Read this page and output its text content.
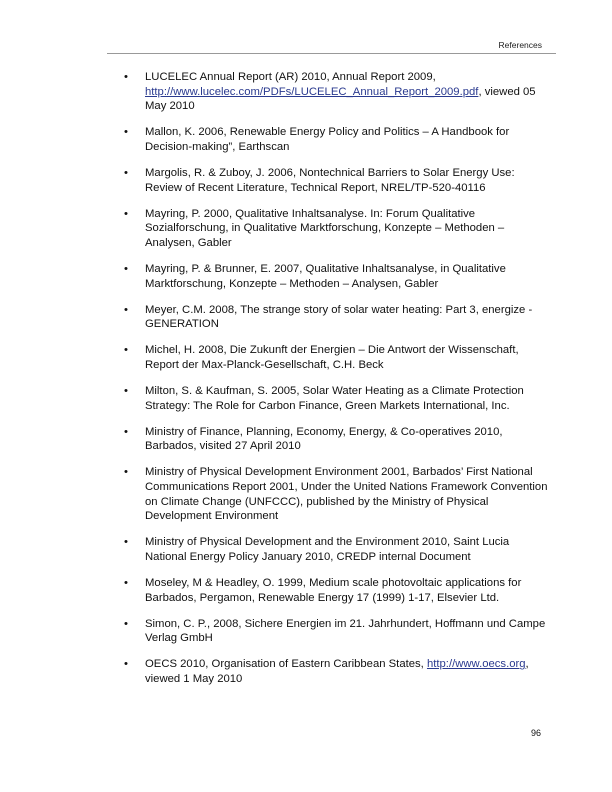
References
• LUCELEC Annual Report (AR) 2010, Annual Report 2009,
http://www.lucelec.com/PDFs/LUCELEC_Annual_Report_2009.pdf, viewed 05
May 2010
• Mallon, K. 2006, Renewable Energy Policy and Politics – A Handbook for
Decision-making”, Earthscan
• Margolis, R. & Zuboy, J. 2006, Nontechnical Barriers to Solar Energy Use:
Review of Recent Literature, Technical Report, NREL/TP-520-40116
• Mayring, P. 2000, Qualitative Inhaltsanalyse. In: Forum Qualitative
Sozialforschung, in Qualitative Marktforschung, Konzepte – Methoden –
Analysen, Gabler
• Mayring, P. & Brunner, E. 2007, Qualitative Inhaltsanalyse, in Qualitative
Marktforschung, Konzepte – Methoden – Analysen, Gabler
• Meyer, C.M. 2008, The strange story of solar water heating: Part 3, energize -
GENERATION
• Michel, H. 2008, Die Zukunft der Energien – Die Antwort der Wissenschaft,
Report der Max-Planck-Gesellschaft, C.H. Beck
• Milton, S. & Kaufman, S. 2005, Solar Water Heating as a Climate Protection
Strategy: The Role for Carbon Finance, Green Markets International, Inc.
• Ministry of Finance, Planning, Economy, Energy, & Co-operatives 2010,
Barbados, visited 27 April 2010
• Ministry of Physical Development Environment 2001, Barbados’ First National
Communications Report 2001, Under the United Nations Framework Convention
on Climate Change (UNFCCC), published by the Ministry of Physical
Development Environment
• Ministry of Physical Development and the Environment 2010, Saint Lucia
National Energy Policy January 2010, CREDP internal Document
• Moseley, M & Headley, O. 1999, Medium scale photovoltaic applications for
Barbados, Pergamon, Renewable Energy 17 (1999) 1-17, Elsevier Ltd.
• Simon, C. P., 2008, Sichere Energien im 21. Jahrhundert, Hoffmann und Campe
Verlag GmbH
• OECS 2010, Organisation of Eastern Caribbean States, http://www.oecs.org,
viewed 1 May 2010
96
